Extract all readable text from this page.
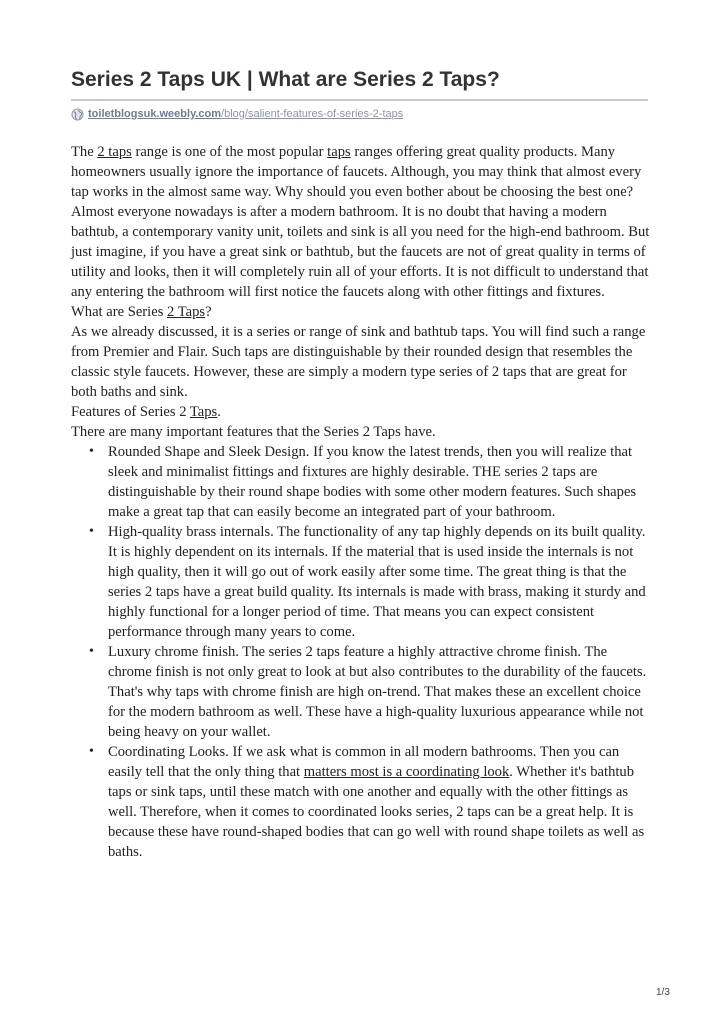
Series 2 Taps UK | What are Series 2 Taps?
toiletblogsuk.weebly.com /blog/salient-features-of-series-2-taps

The 2 taps range is one of the most popular taps ranges offering great quality products. Many homeowners usually ignore the importance of faucets. Although, you may think that almost every tap works in the almost same way. Why should you even bother about be choosing the best one? Almost everyone nowadays is after a modern bathroom. It is no doubt that having a modern bathtub, a contemporary vanity unit, toilets and sink is all you need for the high-end bathroom. But just imagine, if you have a great sink or bathtub, but the faucets are not of great quality in terms of utility and looks, then it will completely ruin all of your efforts. It is not difficult to understand that any entering the bathroom will first notice the faucets along with other fittings and fixtures.

What are Series 2 Taps?

As we already discussed, it is a series or range of sink and bathtub taps. You will find such a range from Premier and Flair. Such taps are distinguishable by their rounded design that resembles the classic style faucets. However, these are simply a modern type series of 2 taps that are great for both baths and sink.

Features of Series 2 Taps.

There are many important features that the Series 2 Taps have.

• Rounded Shape and Sleek Design. If you know the latest trends, then you will realize that sleek and minimalist fittings and fixtures are highly desirable. THE series 2 taps are distinguishable by their round shape bodies with some other modern features. Such shapes make a great tap that can easily become an integrated part of your bathroom.
• High-quality brass internals. The functionality of any tap highly depends on its built quality. It is highly dependent on its internals. If the material that is used inside the internals is not high quality, then it will go out of work easily after some time. The great thing is that the series 2 taps have a great build quality. Its internals is made with brass, making it sturdy and highly functional for a longer period of time. That means you can expect consistent performance through many years to come.
• Luxury chrome finish. The series 2 taps feature a highly attractive chrome finish. The chrome finish is not only great to look at but also contributes to the durability of the faucets. That's why taps with chrome finish are high on-trend. That makes these an excellent choice for the modern bathroom as well. These have a high-quality luxurious appearance while not being heavy on your wallet.
• Coordinating Looks. If we ask what is common in all modern bathrooms. Then you can easily tell that the only thing that matters most is a coordinating look. Whether it's bathtub taps or sink taps, until these match with one another and equally with the other fittings as well. Therefore, when it comes to coordinated looks series, 2 taps can be a great help. It is because these have round-shaped bodies that can go well with round shape toilets as well as baths.
1/3
